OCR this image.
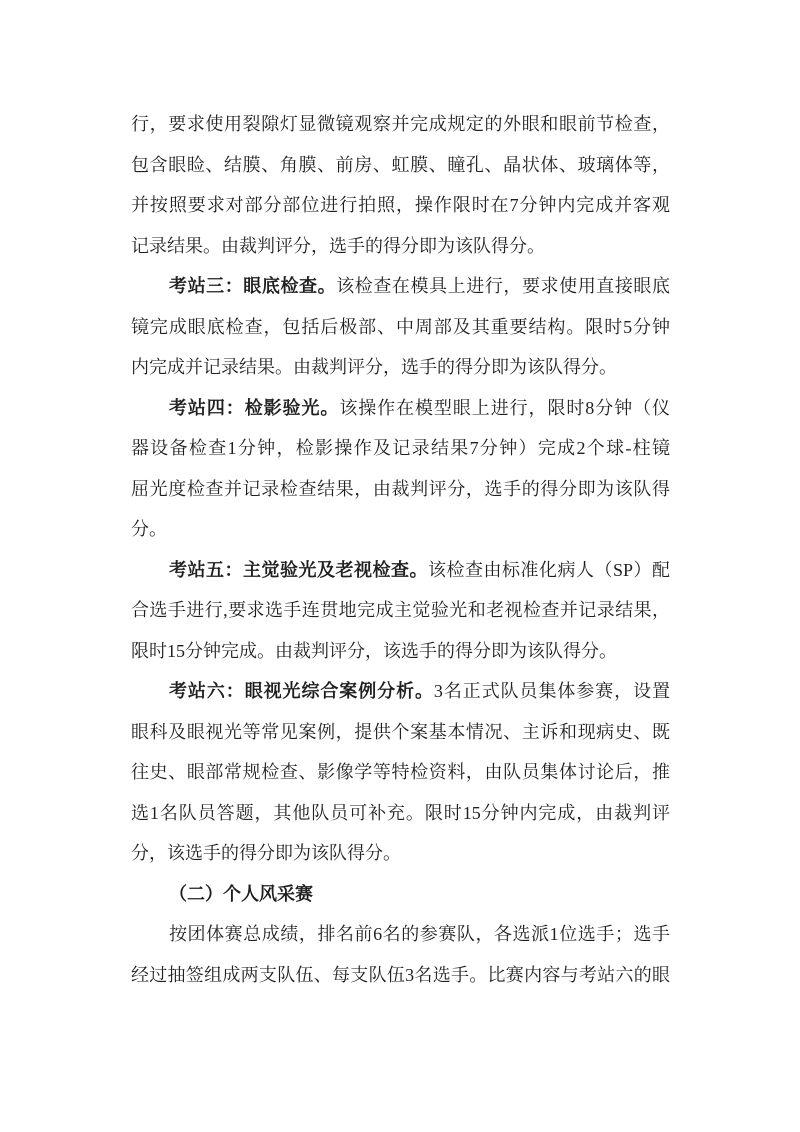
行，要求使用裂隙灯显微镜观察并完成规定的外眼和眼前节检查，
包含眼睑、结膜、角膜、前房、虹膜、瞳孔、晶状体、玻璃体等，
并按照要求对部分部位进行拍照，操作限时在7分钟内完成并客观
记录结果。由裁判评分，选手的得分即为该队得分。
考站三：眼底检查。该检查在模具上进行，要求使用直接眼底
镜完成眼底检查，包括后极部、中周部及其重要结构。限时5分钟
内完成并记录结果。由裁判评分，选手的得分即为该队得分。
考站四：检影验光。该操作在模型眼上进行，限时8分钟（仪
器设备检查1分钟，检影操作及记录结果7分钟）完成2个球-柱镜
屈光度检查并记录检查结果，由裁判评分，选手的得分即为该队得
分。
考站五：主觉验光及老视检查。该检查由标准化病人（SP）配
合选手进行,要求选手连贯地完成主觉验光和老视检查并记录结果，
限时15分钟完成。由裁判评分，该选手的得分即为该队得分。
考站六：眼视光综合案例分析。3名正式队员集体参赛，设置
眼科及眼视光等常见案例，提供个案基本情况、主诉和现病史、既
往史、眼部常规检查、影像学等特检资料，由队员集体讨论后，推
选1名队员答题，其他队员可补充。限时15分钟内完成，由裁判评
分，该选手的得分即为该队得分。
（二）个人风采赛
按团体赛总成绩，排名前6名的参赛队，各选派1位选手；选手
经过抽签组成两支队伍、每支队伍3名选手。比赛内容与考站六的眼
